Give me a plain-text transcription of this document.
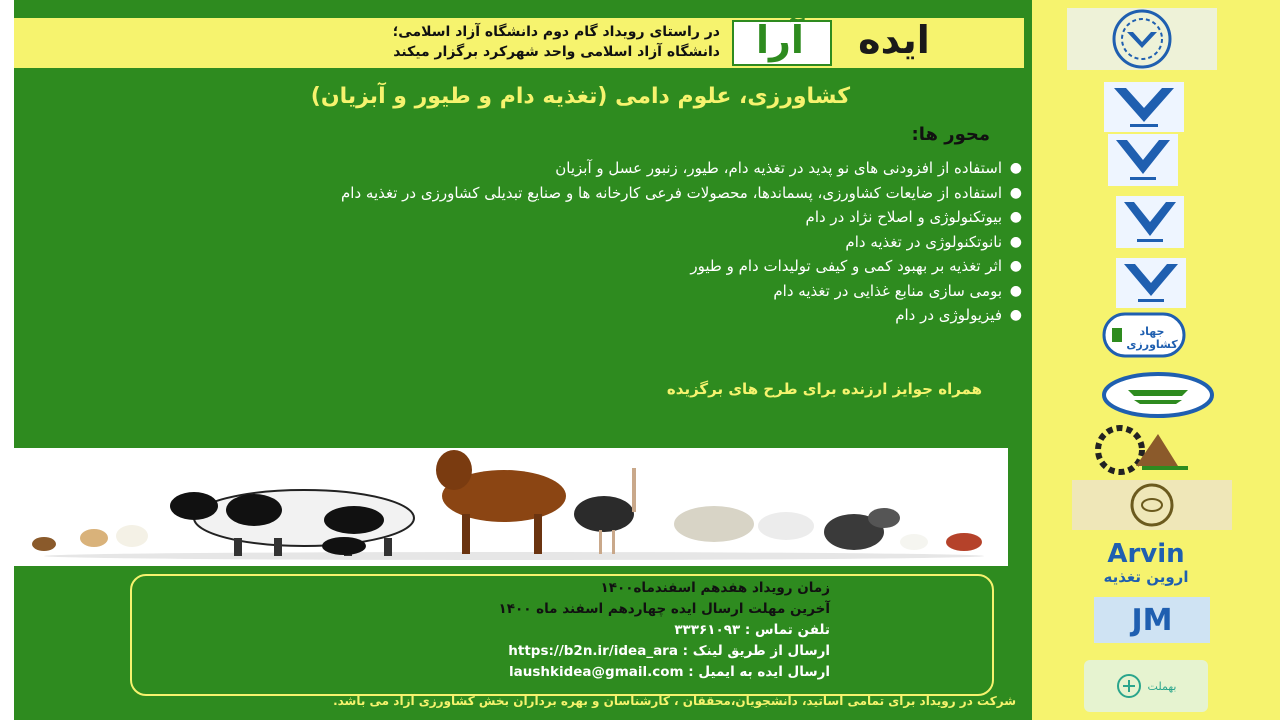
آرا	ایده
در راستای رویداد گام دوم دانشگاه آزاد اسلامی؛
دانشگاه آزاد اسلامی واحد شهرکرد برگزار میکند
کشاورزی، علوم دامی (تغذیه دام و طیور و آبزیان)
محور ها:
●
استفاده از افزودنی های نو پدید در تغذیه دام، طیور، زنبور عسل و آبزیان
●
استفاده از ضایعات کشاورزی، پسماندها، محصولات فرعی کارخانه ها و صنایع تبدیلی کشاورزی در تغذیه دام
●
بیوتکنولوژی و اصلاح نژاد در دام
●
نانوتکنولوژی در تغذیه دام
●
اثر تغذیه بر بهبود کمی و کیفی تولیدات دام و طیور
●
بومی سازی منابع غذایی در تغذیه دام
●
فیزیولوژی در دام
همراه جوایز ارزنده برای طرح های برگزیده
زمان رویداد هفدهم اسفندماه۱۴۰۰
آخرین مهلت ارسال ایده چهاردهم اسفند ماه ۱۴۰۰
تلفن تماس : ۳۳۳۶۱۰۹۳
ارسال از طریق لینک : https://b2n.ir/idea_ara
ارسال ایده به ایمیل : laushkidea@gmail.com
شرکت در رویداد برای تمامی اساتید، دانشجویان،محققان ، کارشناسان و بهره برداران بخش کشاورزی آزاد می باشد.
جهاد کشاورزی
Arvin
اروین تغذیه
JM
بهملت
